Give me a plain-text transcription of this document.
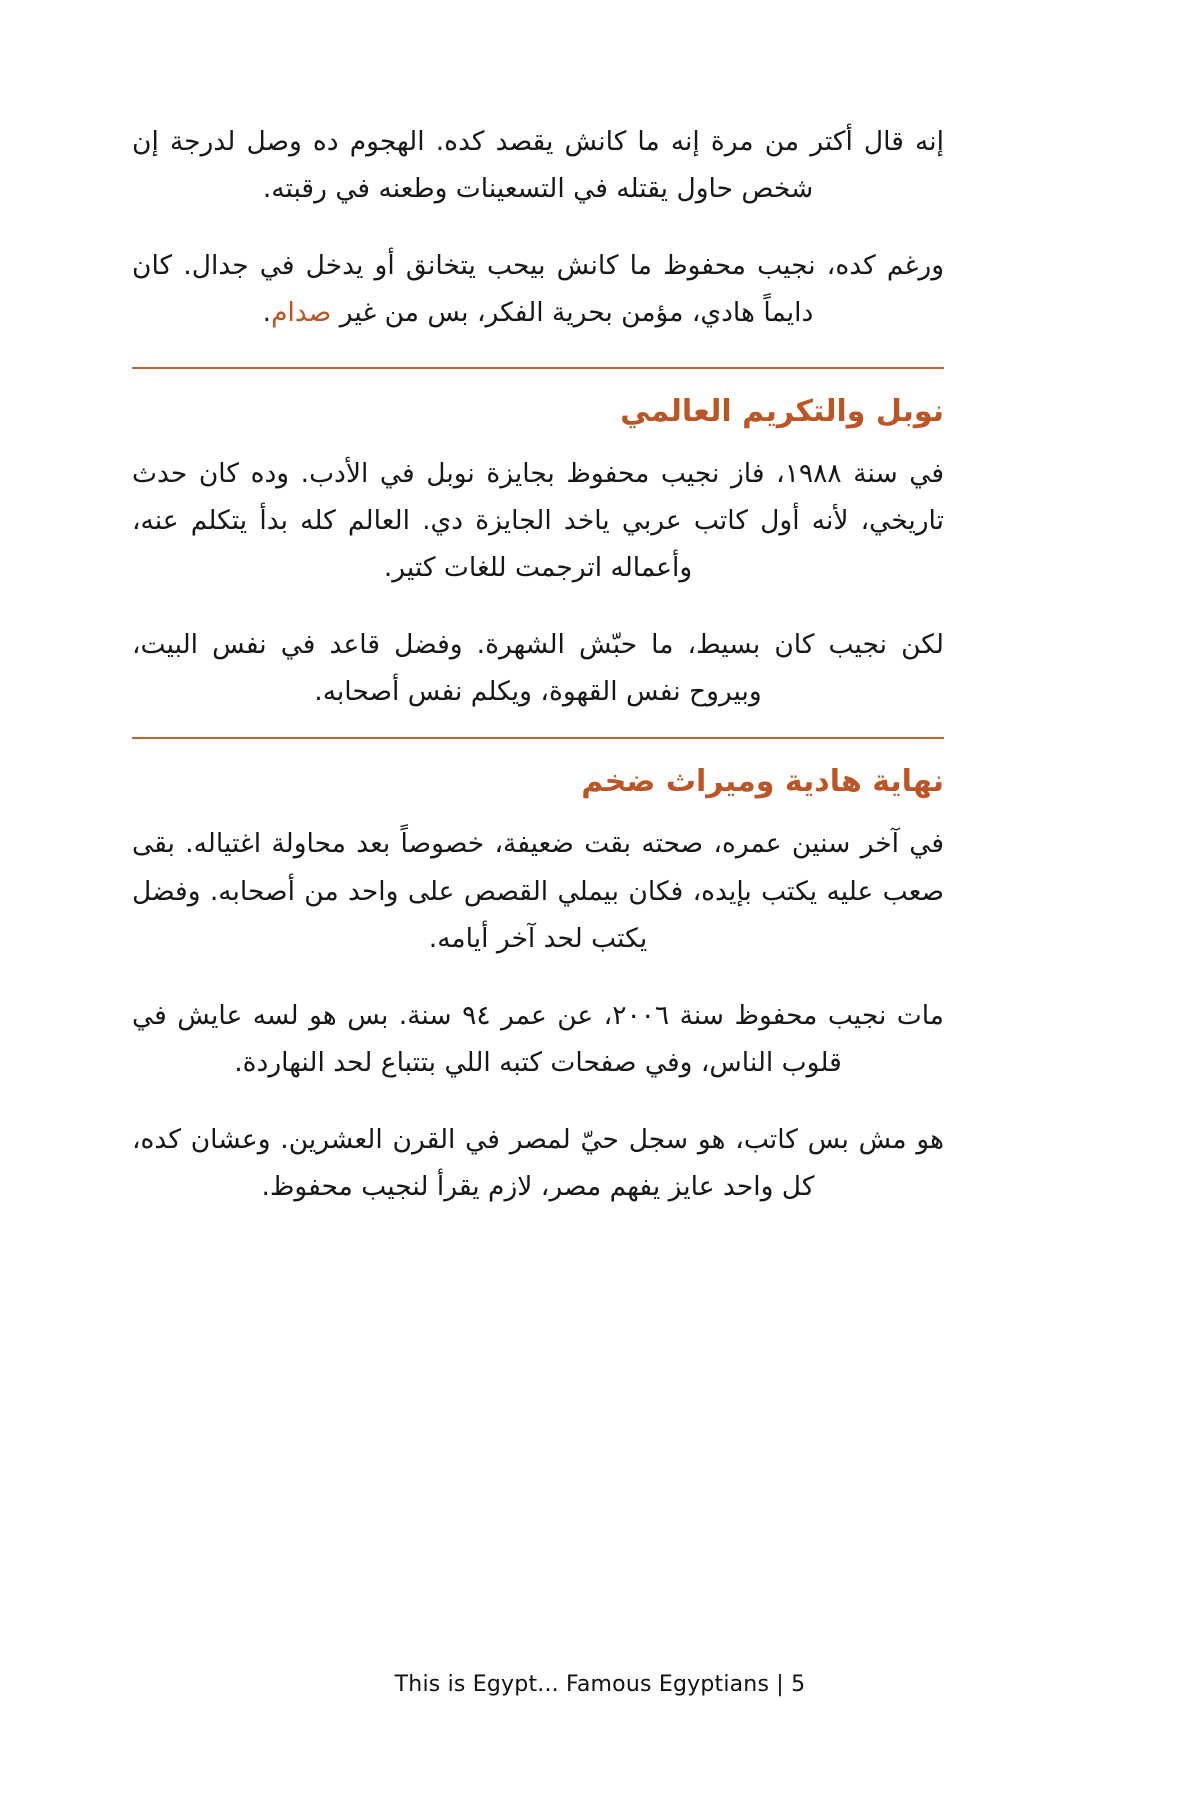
إنه قال أكتر من مرة إنه ما كانش يقصد كده. الهجوم ده وصل لدرجة إن شخص حاول يقتله في التسعينات وطعنه في رقبته.

ورغم كده، نجيب محفوظ ما كانش بيحب يتخانق أو يدخل في جدال. كان دايماً هادي، مؤمن بحرية الفكر، بس من غير صدام.

نوبل والتكريم العالمي

في سنة ١٩٨٨، فاز نجيب محفوظ بجايزة نوبل في الأدب. وده كان حدث تاريخي، لأنه أول كاتب عربي ياخد الجايزة دي. العالم كله بدأ يتكلم عنه، وأعماله اترجمت للغات كتير.

لكن نجيب كان بسيط، ما حبّش الشهرة. وفضل قاعد في نفس البيت، وبيروح نفس القهوة، ويكلم نفس أصحابه.

نهاية هادية وميراث ضخم

في آخر سنين عمره، صحته بقت ضعيفة، خصوصاً بعد محاولة اغتياله. بقى صعب عليه يكتب بإيده، فكان بيملي القصص على واحد من أصحابه. وفضل يكتب لحد آخر أيامه.

مات نجيب محفوظ سنة ٢٠٠٦، عن عمر ٩٤ سنة. بس هو لسه عايش في قلوب الناس، وفي صفحات كتبه اللي بتتباع لحد النهاردة.

هو مش بس كاتب، هو سجل حيّ لمصر في القرن العشرين. وعشان كده، كل واحد عايز يفهم مصر، لازم يقرأ لنجيب محفوظ.

This is Egypt... Famous Egyptians | 5
